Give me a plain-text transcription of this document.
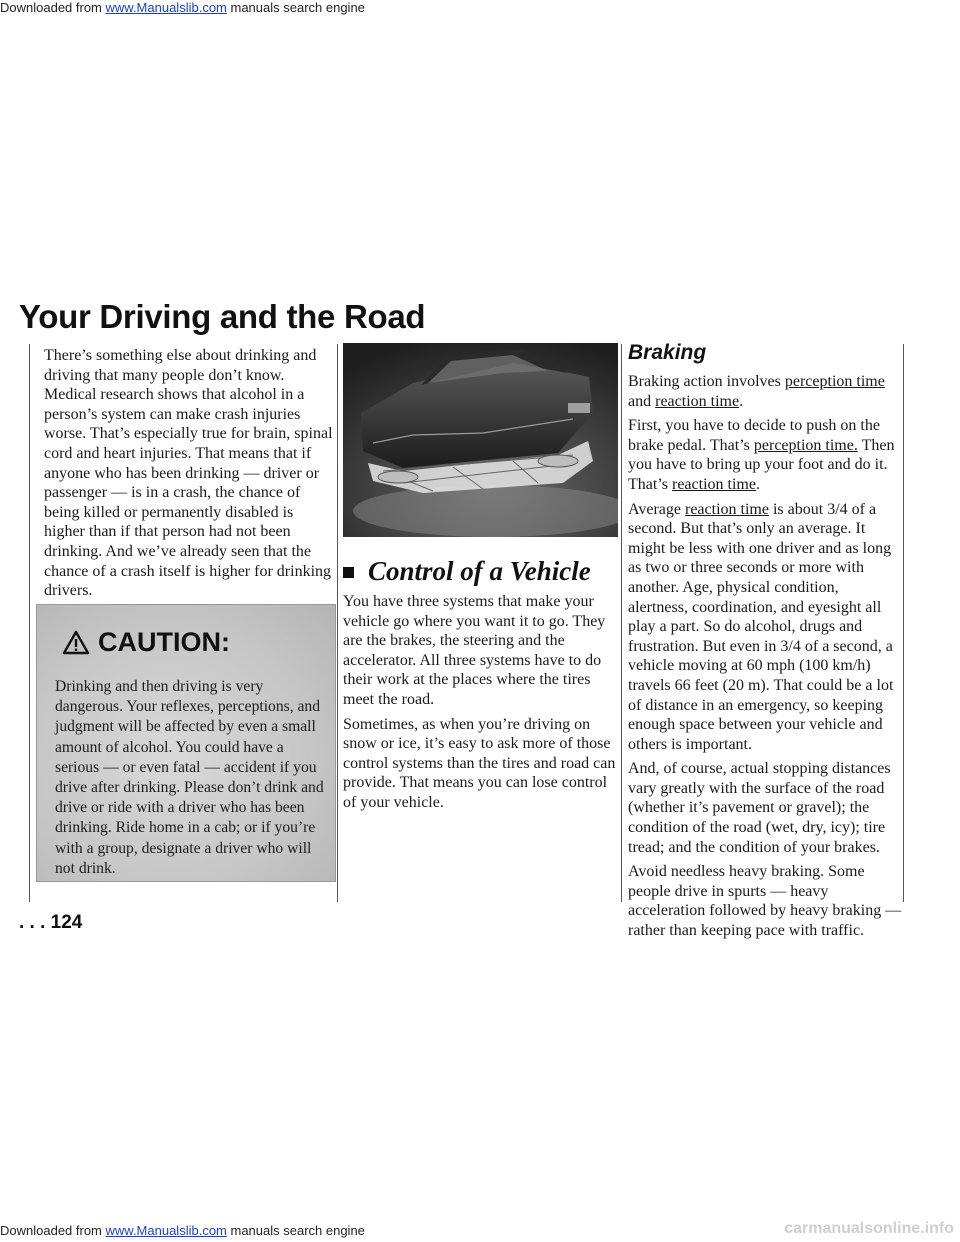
Downloaded from www.Manualslib.com manuals search engine
Your Driving and the Road

There’s something else about drinking and driving that many people don’t know. Medical research shows that alcohol in a person’s system can make crash injuries worse. That’s especially true for brain, spinal cord and heart injuries. That means that if anyone who has been drinking — driver or passenger — is in a crash, the chance of being killed or permanently disabled is higher than if that person had not been drinking. And we’ve already seen that the chance of a crash itself is higher for drinking drivers.

CAUTION:
Drinking and then driving is very dangerous. Your reflexes, perceptions, and judgment will be affected by even a small amount of alcohol. You could have a serious — or even fatal — accident if you drive after drinking. Please don’t drink and drive or ride with a driver who has been drinking. Ride home in a cab; or if you’re with a group, designate a driver who will not drink.
Control of a Vehicle

You have three systems that make your vehicle go where you want it to go. They are the brakes, the steering and the accelerator. All three systems have to do their work at the places where the tires meet the road.

Sometimes, as when you’re driving on snow or ice, it’s easy to ask more of those control systems than the tires and road can provide. That means you can lose control of your vehicle.

Braking

Braking action involves perception time and reaction time.

First, you have to decide to push on the brake pedal. That’s perception time. Then you have to bring up your foot and do it. That’s reaction time.

Average reaction time is about 3/4 of a second. But that’s only an average. It might be less with one driver and as long as two or three seconds or more with another. Age, physical condition, alertness, coordination, and eyesight all play a part. So do alcohol, drugs and frustration. But even in 3/4 of a second, a vehicle moving at 60 mph (100 km/h) travels 66 feet (20 m). That could be a lot of distance in an emergency, so keeping enough space between your vehicle and others is important.

And, of course, actual stopping distances vary greatly with the surface of the road (whether it’s pavement or gravel); the condition of the road (wet, dry, icy); tire tread; and the condition of your brakes.

Avoid needless heavy braking. Some people drive in spurts — heavy acceleration followed by heavy braking — rather than keeping pace with traffic.

. . . 124
Downloaded from www.Manualslib.com manuals search engine	carmanualsonline.info
